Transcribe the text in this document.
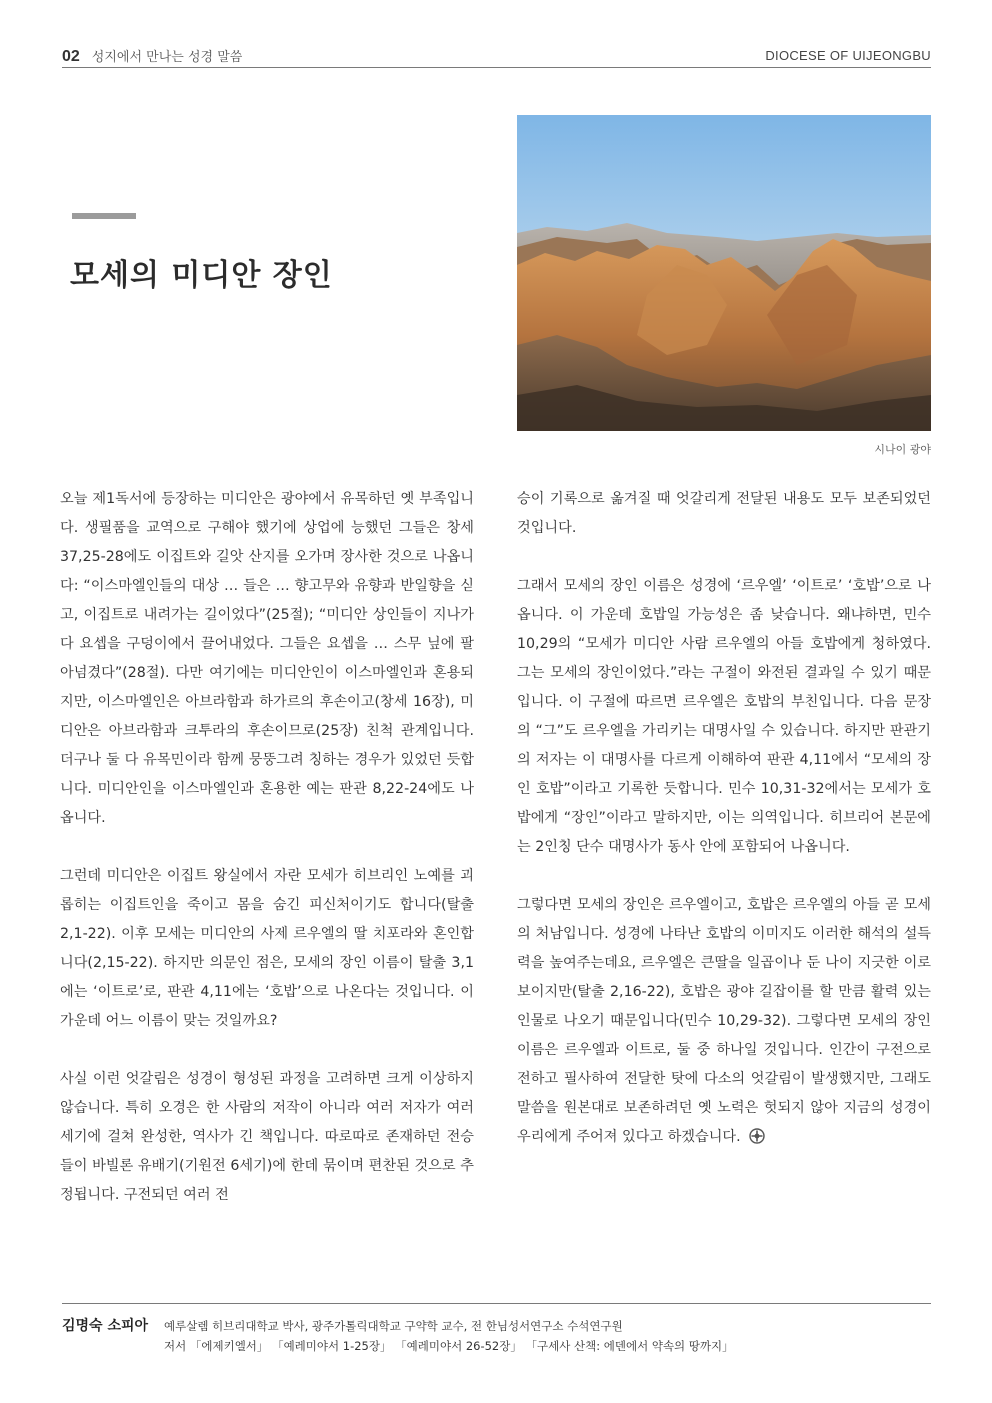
02 성지에서 만나는 성경 말씀	DIOCESE OF UIJEONGBU
모세의 미디안 장인
시나이 광야

오늘 제1독서에 등장하는 미디안은 광야에서 유목하던 옛 부족입니다. 생필품을 교역으로 구해야 했기에 상업에 능했던 그들은 창세 37,25-28에도 이집트와 길앗 산지를 오가며 장사한 것으로 나옵니다: “이스마엘인들의 대상 … 들은 … 향고무와 유향과 반일향을 싣고, 이집트로 내려가는 길이었다”(25절); “미디안 상인들이 지나가다 요셉을 구덩이에서 끌어내었다. 그들은 요셉을 … 스무 닢에 팔아넘겼다”(28절). 다만 여기에는 미디안인이 이스마엘인과 혼용되지만, 이스마엘인은 아브라함과 하가르의 후손이고(창세 16장), 미디안은 아브라함과 크투라의 후손이므로(25장) 친척 관계입니다. 더구나 둘 다 유목민이라 함께 뭉뚱그려 칭하는 경우가 있었던 듯합니다. 미디안인을 이스마엘인과 혼용한 예는 판관 8,22-24에도 나옵니다.

그런데 미디안은 이집트 왕실에서 자란 모세가 히브리인 노예를 괴롭히는 이집트인을 죽이고 몸을 숨긴 피신처이기도 합니다(탈출 2,1-22). 이후 모세는 미디안의 사제 르우엘의 딸 치포라와 혼인합니다(2,15-22). 하지만 의문인 점은, 모세의 장인 이름이 탈출 3,1에는 ‘이트로’로, 판관 4,11에는 ‘호밥’으로 나온다는 것입니다. 이 가운데 어느 이름이 맞는 것일까요?

사실 이런 엇갈림은 성경이 형성된 과정을 고려하면 크게 이상하지 않습니다. 특히 오경은 한 사람의 저작이 아니라 여러 저자가 여러 세기에 걸쳐 완성한, 역사가 긴 책입니다. 따로따로 존재하던 전승들이 바빌론 유배기(기원전 6세기)에 한데 묶이며 편찬된 것으로 추정됩니다. 구전되던 여러 전

승이 기록으로 옮겨질 때 엇갈리게 전달된 내용도 모두 보존되었던 것입니다.

그래서 모세의 장인 이름은 성경에 ‘르우엘’ ‘이트로’ ‘호밥’으로 나옵니다. 이 가운데 호밥일 가능성은 좀 낮습니다. 왜냐하면, 민수 10,29의 “모세가 미디안 사람 르우엘의 아들 호밥에게 청하였다. 그는 모세의 장인이었다.”라는 구절이 와전된 결과일 수 있기 때문입니다. 이 구절에 따르면 르우엘은 호밥의 부친입니다. 다음 문장의 “그”도 르우엘을 가리키는 대명사일 수 있습니다. 하지만 판관기의 저자는 이 대명사를 다르게 이해하여 판관 4,11에서 “모세의 장인 호밥”이라고 기록한 듯합니다. 민수 10,31-32에서는 모세가 호밥에게 “장인”이라고 말하지만, 이는 의역입니다. 히브리어 본문에는 2인칭 단수 대명사가 동사 안에 포함되어 나옵니다.

그렇다면 모세의 장인은 르우엘이고, 호밥은 르우엘의 아들 곧 모세의 처남입니다. 성경에 나타난 호밥의 이미지도 이러한 해석의 설득력을 높여주는데요, 르우엘은 큰딸을 일곱이나 둔 나이 지긋한 이로 보이지만(탈출 2,16-22), 호밥은 광야 길잡이를 할 만큼 활력 있는 인물로 나오기 때문입니다(민수 10,29-32). 그렇다면 모세의 장인 이름은 르우엘과 이트로, 둘 중 하나일 것입니다. 인간이 구전으로 전하고 필사하여 전달한 탓에 다소의 엇갈림이 발생했지만, 그래도 말씀을 원본대로 보존하려던 옛 노력은 헛되지 않아 지금의 성경이 우리에게 주어져 있다고 하겠습니다.

김명숙 소피아 예루살렘 히브리대학교 박사, 광주가톨릭대학교 구약학 교수, 전 한님성서연구소 수석연구원
저서 「에제키엘서」 「예레미야서 1-25장」 「예레미야서 26-52장」 「구세사 산책: 에덴에서 약속의 땅까지」
